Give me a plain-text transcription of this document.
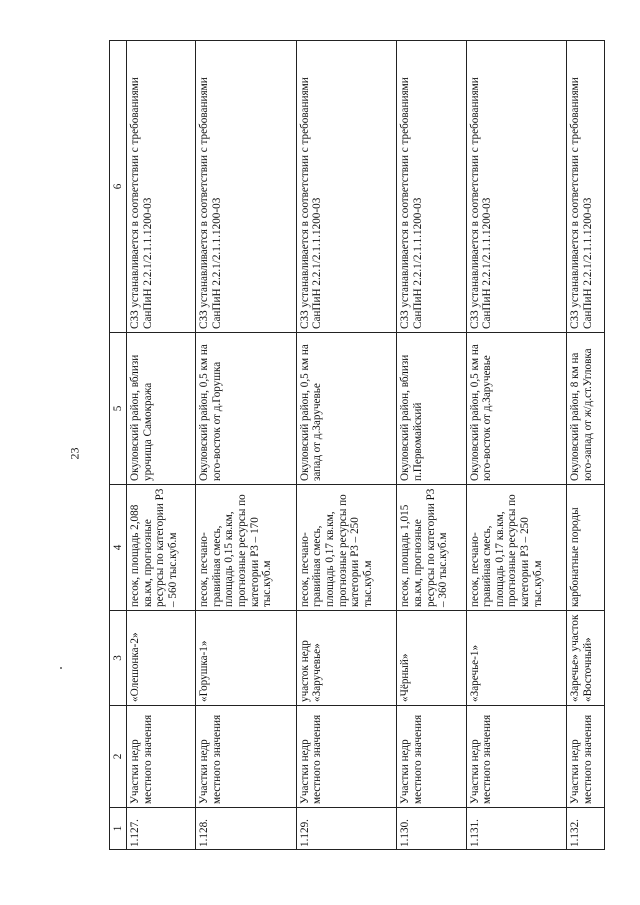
23
1	2	3	4	5	6
1.127.	Участки недр местного значения	«Олешонка-2»	песок, площадь 2,088 кв.км, прогнозные ресурсы по категории Р3 – 560 тыс.куб.м	Окуловский район, вблизи урочища Самокража	СЗЗ устанавливается в соответствии с требованиями СанПиН 2.2.1/2.1.1.1200-03
1.128.	Участки недр местного значения	«Горушка-1»	песок, песчано-гравийная смесь, площадь 0,15 кв.км, прогнозные ресурсы по категории Р3 – 170 тыс.куб.м	Окуловский район, 0,5 км на юго-восток от д.Горушка	СЗЗ устанавливается в соответствии с требованиями СанПиН 2.2.1/2.1.1.1200-03
1.129.	Участки недр местного значения	участок недр «Заручевье»	песок, песчано-гравийная смесь, площадь 0,17 кв.км, прогнозные ресурсы по категории Р3 – 250 тыс.куб.м	Окуловский район, 0,5 км на запад от д.Заручевье	СЗЗ устанавливается в соответствии с требованиями СанПиН 2.2.1/2.1.1.1200-03
1.130.	Участки недр местного значения	«Чёрный»	песок, площадь 1,015 кв.км, прогнозные ресурсы по категории Р3 – 360 тыс.куб.м	Окуловский район, вблизи п.Первомайский	СЗЗ устанавливается в соответствии с требованиями СанПиН 2.2.1/2.1.1.1200-03
1.131.	Участки недр местного значения	«Заречье-1»	песок, песчано-гравийная смесь, площадь 0,17 кв.км, прогнозные ресурсы по категории Р3 – 250 тыс.куб.м	Окуловский район, 0,5 км на юго-восток от д.Заручевье	СЗЗ устанавливается в соответствии с требованиями СанПиН 2.2.1/2.1.1.1200-03
1.132.	Участки недр местного значения	«Заречье» участок «Восточный»	карбонатные породы	Окуловский район, 8 км на юго-запад от ж/д.ст.Угловка	СЗЗ устанавливается в соответствии с требованиями СанПиН 2.2.1/2.1.1.1200-03
